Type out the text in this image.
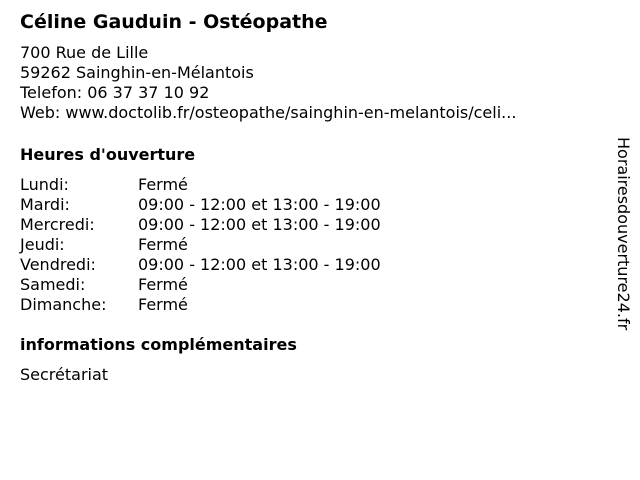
Céline Gauduin - Ostéopathe
700 Rue de Lille
59262 Sainghin-en-Mélantois
Telefon: 06 37 37 10 92
Web: www.doctolib.fr/osteopathe/sainghin-en-melantois/celi...
Heures d'ouverture
Lundi:	Fermé
Mardi:	09:00 - 12:00 et 13:00 - 19:00
Mercredi:	09:00 - 12:00 et 13:00 - 19:00
Jeudi:	Fermé
Vendredi:	09:00 - 12:00 et 13:00 - 19:00
Samedi:	Fermé
Dimanche:	Fermé
informations complémentaires
Secrétariat
Horairesdouverture24.fr
